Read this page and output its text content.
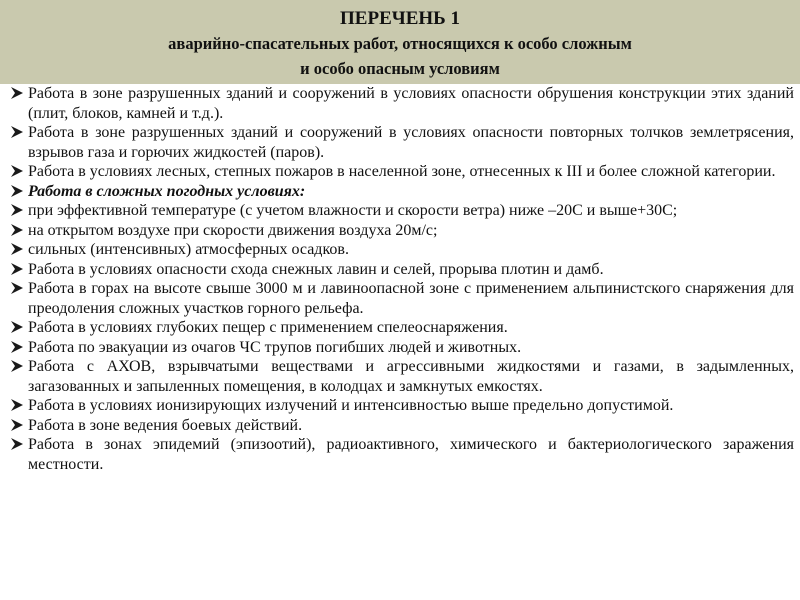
ПЕРЕЧЕНЬ 1
аварийно-спасательных работ, относящихся к особо сложным
и особо опасным условиям
Работа в зоне разрушенных зданий и сооружений в условиях опасности обрушения конструкции этих зданий (плит, блоков, камней и т.д.).
Работа в зоне разрушенных зданий и сооружений в условиях опасности повторных толчков землетрясения, взрывов газа и горючих жидкостей (паров).
Работа в условиях лесных, степных пожаров в населенной зоне, отнесенных к III и более сложной категории.
Работа в сложных погодных условиях:
при эффективной температуре (с учетом влажности и скорости ветра) ниже –20С и выше+30С;
на открытом воздухе при скорости движения воздуха 20м/с;
сильных (интенсивных) атмосферных осадков.
Работа в условиях опасности схода снежных лавин и селей, прорыва плотин и дамб.
Работа в горах на высоте свыше 3000 м и лавиноопасной зоне с применением альпинистского снаряжения для преодоления сложных участков горного рельефа.
Работа в условиях глубоких пещер с применением спелеоснаряжения.
Работа по эвакуации из очагов ЧС трупов погибших людей и животных.
Работа с АХОВ, взрывчатыми веществами и агрессивными жидкостями и газами, в задымленных, загазованных и запыленных помещения, в колодцах и замкнутых емкостях.
Работа в условиях ионизирующих излучений и интенсивностью выше предельно допустимой.
Работа в зоне ведения боевых действий.
Работа в зонах эпидемий (эпизоотий), радиоактивного, химического и бактериологического заражения местности.
